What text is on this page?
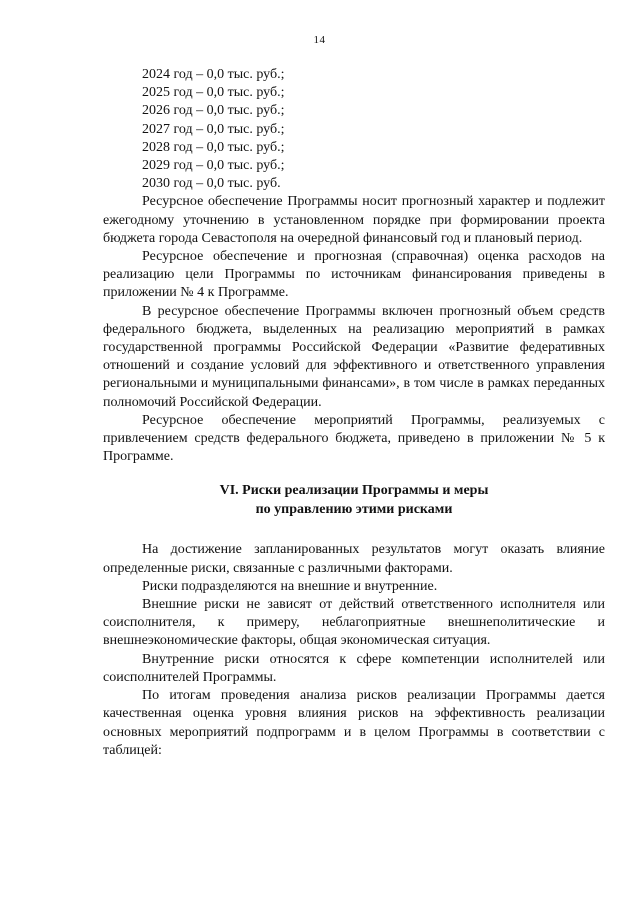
14
2024 год – 0,0 тыс. руб.;
2025 год – 0,0 тыс. руб.;
2026 год – 0,0 тыс. руб.;
2027 год – 0,0 тыс. руб.;
2028 год – 0,0 тыс. руб.;
2029 год – 0,0 тыс. руб.;
2030 год – 0,0 тыс. руб.

Ресурсное обеспечение Программы носит прогнозный характер и подлежит ежегодному уточнению в установленном порядке при формировании проекта бюджета города Севастополя на очередной финансовый год и плановый период.

Ресурсное обеспечение и прогнозная (справочная) оценка расходов на реализацию цели Программы по источникам финансирования приведены в приложении № 4 к Программе.

В ресурсное обеспечение Программы включен прогнозный объем средств федерального бюджета, выделенных на реализацию мероприятий в рамках государственной программы Российской Федерации «Развитие федеративных отношений и создание условий для эффективного и ответственного управления региональными и муниципальными финансами», в том числе в рамках переданных полномочий Российской Федерации.

Ресурсное обеспечение мероприятий Программы, реализуемых с привлечением средств федерального бюджета, приведено в приложении № 5 к Программе.

VI. Риски реализации Программы и меры
по управлению этими рисками

На достижение запланированных результатов могут оказать влияние определенные риски, связанные с различными факторами.

Риски подразделяются на внешние и внутренние.

Внешние риски не зависят от действий ответственного исполнителя или соисполнителя, к примеру, неблагоприятные внешнеполитические и внешнеэкономические факторы, общая экономическая ситуация.

Внутренние риски относятся к сфере компетенции исполнителей или соисполнителей Программы.

По итогам проведения анализа рисков реализации Программы дается качественная оценка уровня влияния рисков на эффективность реализации основных мероприятий подпрограмм и в целом Программы в соответствии с таблицей:
